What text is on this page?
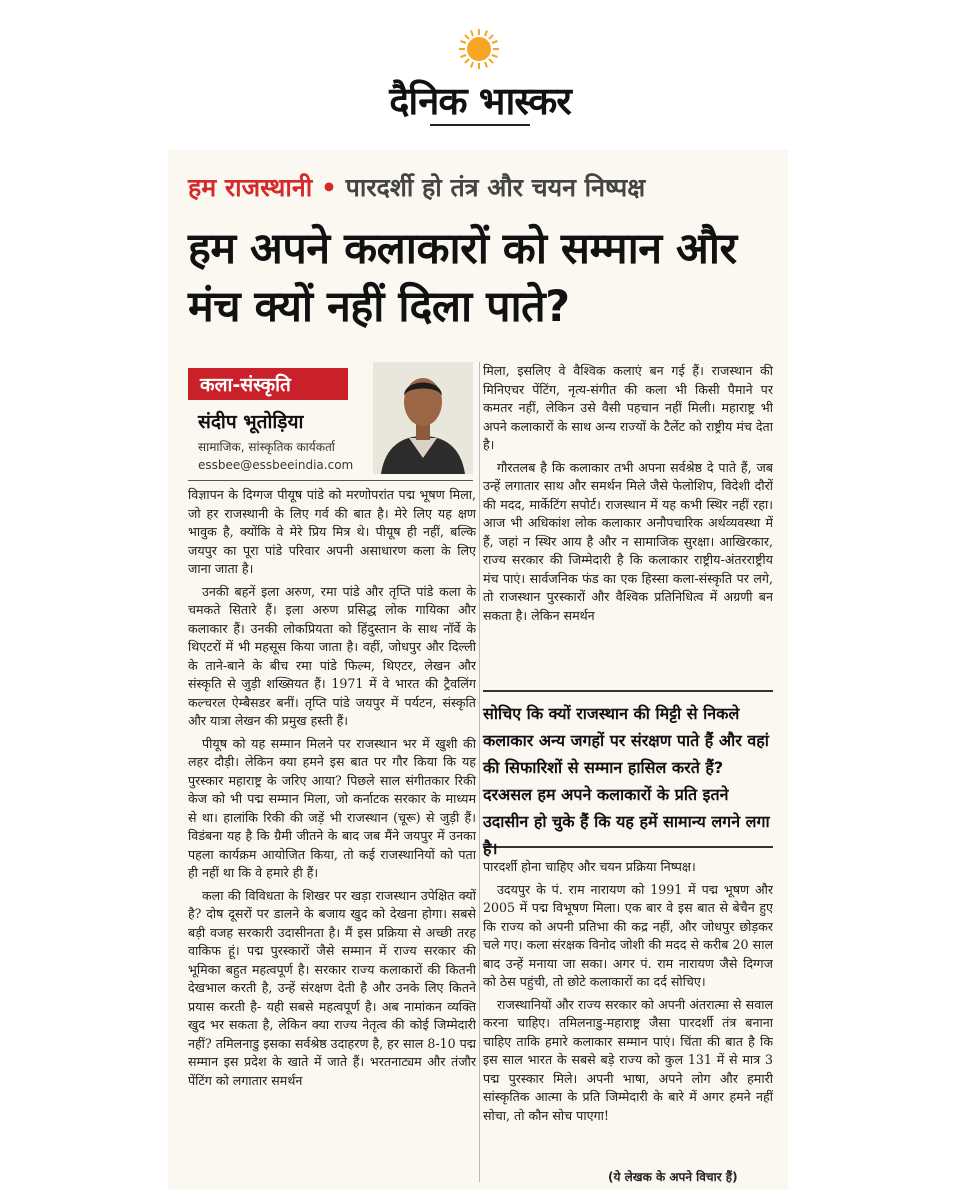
दैनिक भास्कर
हम राजस्थानी • पारदर्शी हो तंत्र और चयन निष्पक्ष
हम अपने कलाकारों को सम्मान और मंच क्यों नहीं दिला पाते?
कला-संस्कृति
संदीप भूतोड़िया
सामाजिक, सांस्कृतिक कार्यकर्ता
essbee@essbeeindia.com

विज्ञापन के दिग्गज पीयूष पांडे को मरणोपरांत पद्म भूषण मिला, जो हर राजस्थानी के लिए गर्व की बात है। मेरे लिए यह क्षण भावुक है, क्योंकि वे मेरे प्रिय मित्र थे। पीयूष ही नहीं, बल्कि जयपुर का पूरा पांडे परिवार अपनी असाधारण कला के लिए जाना जाता है।

उनकी बहनें इला अरुण, रमा पांडे और तृप्ति पांडे कला के चमकते सितारे हैं। इला अरुण प्रसिद्ध लोक गायिका और कलाकार हैं। उनकी लोकप्रियता को हिंदुस्तान के साथ नॉर्वे के थिएटरों में भी महसूस किया जाता है। वहीं, जोधपुर और दिल्ली के ताने-बाने के बीच रमा पांडे फिल्म, थिएटर, लेखन और संस्कृति से जुड़ी शख्सियत हैं। 1971 में वे भारत की ट्रैवलिंग कल्चरल ऐम्बैसडर बनीं। तृप्ति पांडे जयपुर में पर्यटन, संस्कृति और यात्रा लेखन की प्रमुख हस्ती हैं।

पीयूष को यह सम्मान मिलने पर राजस्थान भर में खुशी की लहर दौड़ी। लेकिन क्या हमने इस बात पर गौर किया कि यह पुरस्कार महाराष्ट्र के जरिए आया? पिछले साल संगीतकार रिकी केज को भी पद्म सम्मान मिला, जो कर्नाटक सरकार के माध्यम से था। हालांकि रिकी की जड़ें भी राजस्थान (चूरू) से जुड़ी हैं। विडंबना यह है कि ग्रैमी जीतने के बाद जब मैंने जयपुर में उनका पहला कार्यक्रम आयोजित किया, तो कई राजस्थानियों को पता ही नहीं था कि वे हमारे ही हैं।

कला की विविधता के शिखर पर खड़ा राजस्थान उपेक्षित क्यों है? दोष दूसरों पर डालने के बजाय खुद को देखना होगा। सबसे बड़ी वजह सरकारी उदासीनता है। मैं इस प्रक्रिया से अच्छी तरह वाकिफ हूं। पद्म पुरस्कारों जैसे सम्मान में राज्य सरकार की भूमिका बहुत महत्वपूर्ण है। सरकार राज्य कलाकारों की कितनी देखभाल करती है, उन्हें संरक्षण देती है और उनके लिए कितने प्रयास करती है- यही सबसे महत्वपूर्ण है। अब नामांकन व्यक्ति खुद भर सकता है, लेकिन क्या राज्य नेतृत्व की कोई जिम्मेदारी नहीं? तमिलनाडु इसका सर्वश्रेष्ठ उदाहरण है, हर साल 8-10 पद्म सम्मान इस प्रदेश के खाते में जाते हैं। भरतनाट्यम और तंजौर पेंटिंग को लगातार समर्थन

मिला, इसलिए वे वैश्विक कलाएं बन गई हैं। राजस्थान की मिनिएचर पेंटिंग, नृत्य-संगीत की कला भी किसी पैमाने पर कमतर नहीं, लेकिन उसे वैसी पहचान नहीं मिली। महाराष्ट्र भी अपने कलाकारों के साथ अन्य राज्यों के टैलेंट को राष्ट्रीय मंच देता है।

गौरतलब है कि कलाकार तभी अपना सर्वश्रेष्ठ दे पाते हैं, जब उन्हें लगातार साथ और समर्थन मिले जैसे फेलोशिप, विदेशी दौरों की मदद, मार्केटिंग सपोर्ट। राजस्थान में यह कभी स्थिर नहीं रहा। आज भी अधिकांश लोक कलाकार अनौपचारिक अर्थव्यवस्था में हैं, जहां न स्थिर आय है और न सामाजिक सुरक्षा। आखिरकार, राज्य सरकार की जिम्मेदारी है कि कलाकार राष्ट्रीय-अंतरराष्ट्रीय मंच पाएं। सार्वजनिक फंड का एक हिस्सा कला-संस्कृति पर लगे, तो राजस्थान पुरस्कारों और वैश्विक प्रतिनिधित्व में अग्रणी बन सकता है। लेकिन समर्थन

सोचिए कि क्यों राजस्थान की मिट्टी से निकले कलाकार अन्य जगहों पर संरक्षण पाते हैं और वहां की सिफारिशों से सम्मान हासिल करते हैं? दरअसल हम अपने कलाकारों के प्रति इतने उदासीन हो चुके हैं कि यह हमें सामान्य लगने लगा है।

पारदर्शी होना चाहिए और चयन प्रक्रिया निष्पक्ष।

उदयपुर के पं. राम नारायण को 1991 में पद्म भूषण और 2005 में पद्म विभूषण मिला। एक बार वे इस बात से बेचैन हुए कि राज्य को अपनी प्रतिभा की कद्र नहीं, और जोधपुर छोड़कर चले गए। कला संरक्षक विनोद जोशी की मदद से करीब 20 साल बाद उन्हें मनाया जा सका। अगर पं. राम नारायण जैसे दिग्गज को ठेस पहुंची, तो छोटे कलाकारों का दर्द सोचिए।

राजस्थानियों और राज्य सरकार को अपनी अंतरात्मा से सवाल करना चाहिए। तमिलनाडु-महाराष्ट्र जैसा पारदर्शी तंत्र बनाना चाहिए ताकि हमारे कलाकार सम्मान पाएं। चिंता की बात है कि इस साल भारत के सबसे बड़े राज्य को कुल 131 में से मात्र 3 पद्म पुरस्कार मिले। अपनी भाषा, अपने लोग और हमारी सांस्कृतिक आत्मा के प्रति जिम्मेदारी के बारे में अगर हमने नहीं सोचा, तो कौन सोच पाएगा!

(ये लेखक के अपने विचार हैं)
